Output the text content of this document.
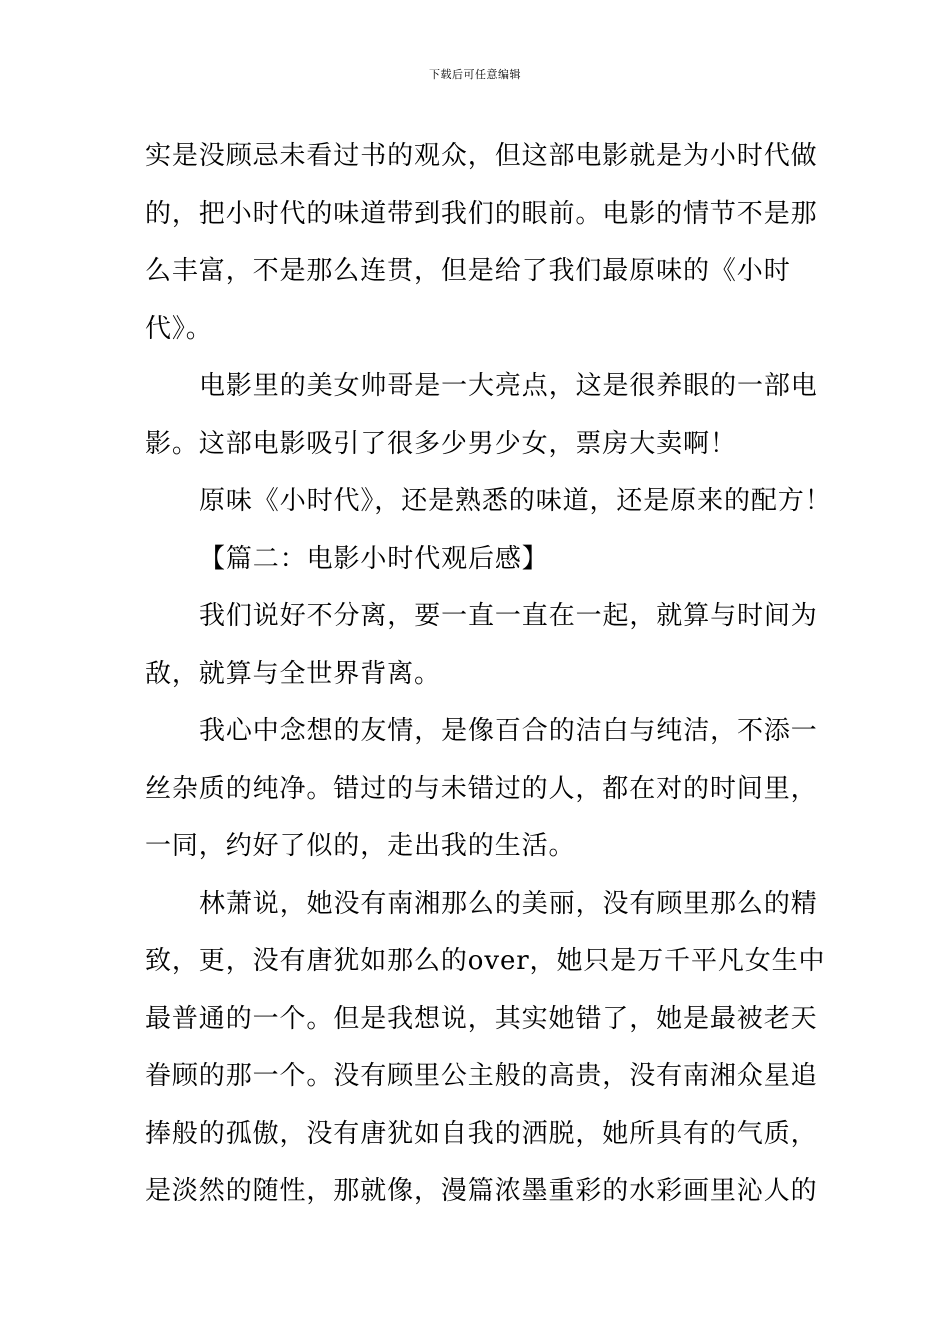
下载后可任意编辑
实是没顾忌未看过书的观众，但这部电影就是为小时代做
的，把小时代的味道带到我们的眼前。电影的情节不是那
么丰富，不是那么连贯，但是给了我们最原味的《小时
代》。
电影里的美女帅哥是一大亮点，这是很养眼的一部电
影。这部电影吸引了很多少男少女，票房大卖啊！
原味《小时代》，还是熟悉的味道，还是原来的配方！
【篇二：电影小时代观后感】
我们说好不分离，要一直一直在一起，就算与时间为
敌，就算与全世界背离。
我心中念想的友情，是像百合的洁白与纯洁，不添一
丝杂质的纯净。错过的与未错过的人，都在对的时间里，
一同，约好了似的，走出我的生活。
林萧说，她没有南湘那么的美丽，没有顾里那么的精
致，更，没有唐犹如那么的over，她只是万千平凡女生中
最普通的一个。但是我想说，其实她错了，她是最被老天
眷顾的那一个。没有顾里公主般的高贵，没有南湘众星追
捧般的孤傲，没有唐犹如自我的洒脱，她所具有的气质，
是淡然的随性，那就像，漫篇浓墨重彩的水彩画里沁人的
